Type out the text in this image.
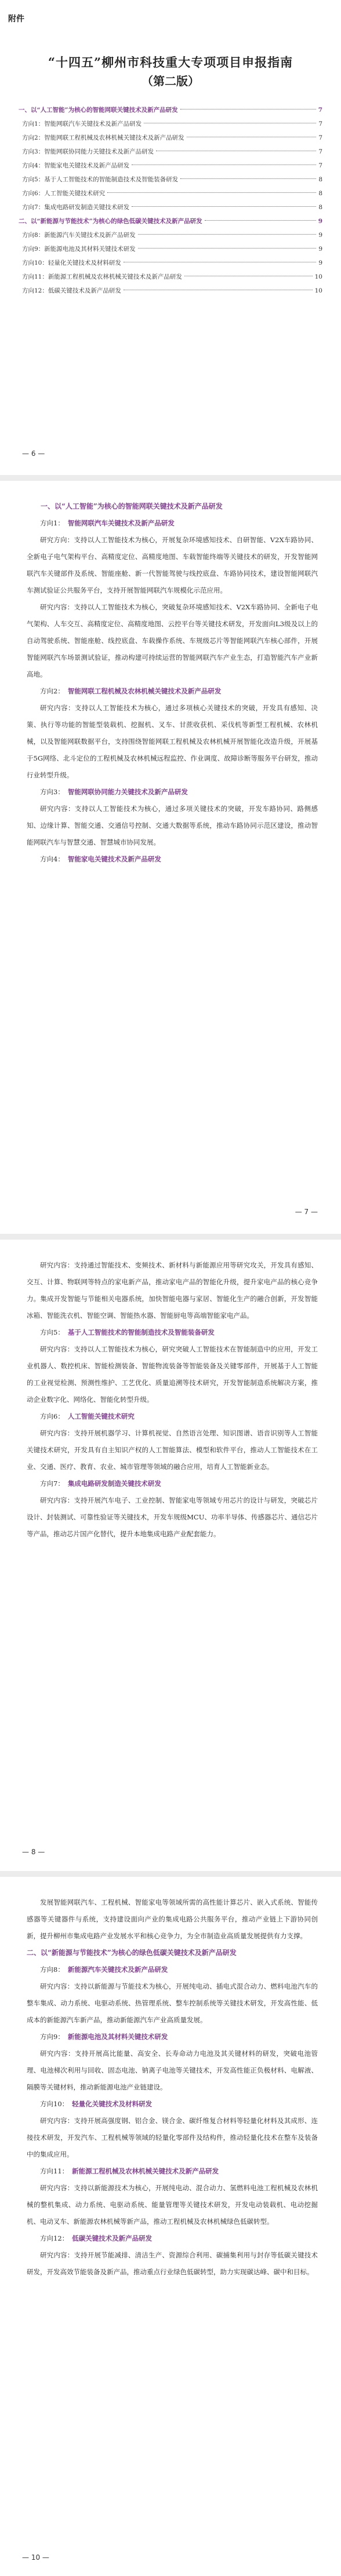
附件
“十四五”柳州市科技重大专项项目申报指南
（第二版）
一、以“人工智能”为核心的智能网联关键技术及新产品研发	7
方向1：智能网联汽车关键技术及新产品研发	7
方向2：智能网联工程机械及农林机械关键技术及新产品研发	7
方向3：智能网联协同能力关键技术及新产品研发	7
方向4：智能家电关键技术及新产品研发	7
方向5：基于人工智能技术的智能制造技术及智能装备研发	8
方向6：人工智能关键技术研究	8
方向7：集成电路研发制造关键技术研发	8
二、以“新能源与节能技术”为核心的绿色低碳关键技术及新产品研发	9
方向8：新能源汽车关键技术及新产品研发	9
方向9：新能源电池及其材料关键技术研发	9
方向10：轻量化关键技术及材料研发	9
方向11：新能源工程机械及农林机械关键技术及新产品研发	10
方向12：低碳关键技术及新产品研发	10
— 6 —

一、以“人工智能”为核心的智能网联关键技术及新产品研发

方向1： 智能网联汽车关键技术及新产品研发

研究方向：支持以人工智能技术为核心，开展复杂环境感知技术、自研智能、V2X车路协同、全新电子电气架构平台、高精度定位、高精度地图、车载智能终端等关键技术的研发，开发智能网联汽车关键部件及系统、智能座舱、新一代智能驾驶与线控底盘、车路协同技术，建设智能网联汽车测试验证公共服务平台，支持开展智能网联汽车规模化示范应用。

研究内容：支持以人工智能技术为核心，突破复杂环境感知技术、V2X车路协同、全新电子电气架构、人车交互、高精度定位、高精度地图、云控平台等关键技术研发，开发面向L3级及以上的自动驾驶系统、智能座舱、线控底盘、车载操作系统、车规级芯片等智能网联汽车核心部件，开展智能网联汽车场景测试验证，推动构建可持续运营的智能网联汽车产业生态，打造智能汽车产业新高地。

方向2： 智能网联工程机械及农林机械关键技术及新产品研发

研究内容：支持以人工智能技术为核心，通过多项核心关键技术的突破，开发具有感知、决策、执行等功能的智能型装载机、挖掘机、叉车、甘蔗收获机、采伐机等新型工程机械、农林机械，以及智能网联数据平台，支持围绕智能网联工程机械及农林机械开展智能化改造升级，开展基于5G网络、北斗定位的工程机械及农林机械远程监控、作业调度、故障诊断等服务平台研发，推动行业转型升级。

方向3： 智能网联协同能力关键技术及新产品研发

研究内容：支持以人工智能技术为核心，通过多项关键技术的突破，开发车路协同、路侧感知、边缘计算、智能交通、交通信号控制、交通大数据等系统，推动车路协同示范区建设，推动智能网联汽车与智慧交通、智慧城市协同发展。

方向4： 智能家电关键技术及新产品研发

— 7 —

研究内容：支持通过智能技术、变频技术、新材料与新能源应用等研究攻关，开发具有感知、交互、计算、物联网等特点的家电新产品，推动家电产品的智能化升级，提升家电产品的核心竞争力。集成开发智能与节能相关电器系统，加快智能电器与家居、智能化生产的融合创新，开发智能冰箱、智能洗衣机、智能空调、智能热水器、智能厨电等高端智能家电产品。

方向5： 基于人工智能技术的智能制造技术及智能装备研发

研究内容：支持以人工智能技术为核心，研究突破人工智能技术在智能制造中的应用，开发工业机器人、数控机床、智能检测装备、智能物流装备等智能装备及关键零部件，开展基于人工智能的工业视觉检测、预测性维护、工艺优化、质量追溯等技术研究，开发智能制造系统解决方案，推动企业数字化、网络化、智能化转型升级。

方向6： 人工智能关键技术研究

研究内容：支持开展机器学习、计算机视觉、自然语言处理、知识图谱、语音识别等人工智能关键技术研究，开发具有自主知识产权的人工智能算法、模型和软件平台，推动人工智能技术在工业、交通、医疗、教育、农业、城市管理等领域的融合应用，培育人工智能新业态。

方向7： 集成电路研发制造关键技术研发

研究内容：支持开展汽车电子、工业控制、智能家电等领域专用芯片的设计与研发，突破芯片设计、封装测试、可靠性验证等关键技术，开发车规级MCU、功率半导体、传感器芯片、通信芯片等产品，推动芯片国产化替代，提升本地集成电路产业配套能力。

— 8 —

发展智能网联汽车、工程机械、智能家电等领域所需的高性能计算芯片、嵌入式系统、智能传感器等关键器件与系统，支持建设面向产业的集成电路公共服务平台，推动产业链上下游协同创新，提升柳州市集成电路产业发展水平和核心竞争力，为全市制造业高质量发展提供有力支撑。

二、以“新能源与节能技术”为核心的绿色低碳关键技术及新产品研发

方向8： 新能源汽车关键技术及新产品研发

研究内容：支持以新能源与节能技术为核心，开展纯电动、插电式混合动力、燃料电池汽车的整车集成、动力系统、电驱动系统、热管理系统、整车控制系统等关键技术研发，开发高性能、低成本的新能源汽车新产品，推动新能源汽车产业高质量发展。

方向9： 新能源电池及其材料关键技术研发

研究内容：支持开展高比能量、高安全、长寿命动力电池及其关键材料的研发，突破电池管理、电池梯次利用与回收、固态电池、钠离子电池等关键技术，开发高性能正负极材料、电解液、隔膜等关键材料，推动新能源电池产业链建设。

方向10： 轻量化关键技术及材料研发

研究内容：支持开展高强度钢、铝合金、镁合金、碳纤维复合材料等轻量化材料及其成形、连接技术研发，开发汽车、工程机械等领域的轻量化零部件及结构件，推动轻量化技术在整车及装备中的集成应用。

方向11： 新能源工程机械及农林机械关键技术及新产品研发

研究内容：支持以新能源技术为核心，开展纯电动、混合动力、氢燃料电池工程机械及农林机械的整机集成、动力系统、电驱动系统、能量管理等关键技术研发，开发电动装载机、电动挖掘机、电动叉车、新能源农林机械等新产品，推动工程机械及农林机械绿色低碳转型。

方向12： 低碳关键技术及新产品研发

研究内容：支持开展节能减排、清洁生产、资源综合利用、碳捕集利用与封存等低碳关键技术研发，开发高效节能装备及新产品，推动重点行业绿色低碳转型，助力实现碳达峰、碳中和目标。

— 10 —
